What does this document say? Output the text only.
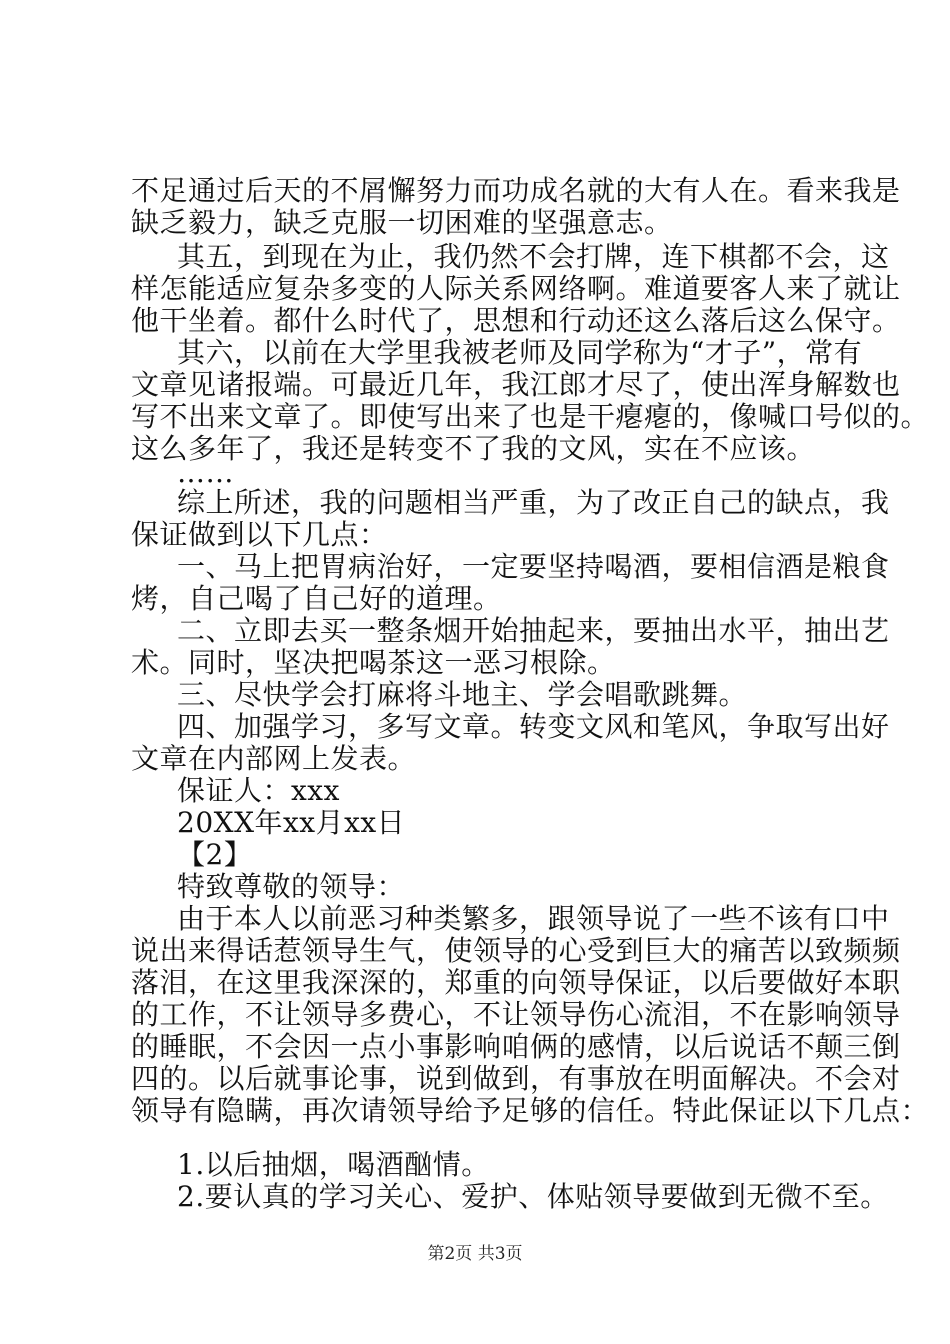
不足通过后天的不屑懈努力而功成名就的大有人在。看来我是
缺乏毅力，缺乏克服一切困难的坚强意志。
其五，到现在为止，我仍然不会打牌，连下棋都不会，这
样怎能适应复杂多变的人际关系网络啊。难道要客人来了就让
他干坐着。都什么时代了，思想和行动还这么落后这么保守。
其六，以前在大学里我被老师及同学称为“才子”，常有
文章见诸报端。可最近几年，我江郎才尽了，使出浑身解数也
写不出来文章了。即使写出来了也是干瘪瘪的，像喊口号似的。
这么多年了，我还是转变不了我的文风，实在不应该。
……
综上所述，我的问题相当严重，为了改正自己的缺点，我
保证做到以下几点：
一、马上把胃病治好，一定要坚持喝酒，要相信酒是粮食
烤，自己喝了自己好的道理。
二、立即去买一整条烟开始抽起来，要抽出水平，抽出艺
术。同时，坚决把喝茶这一恶习根除。
三、尽快学会打麻将斗地主、学会唱歌跳舞。
四、加强学习，多写文章。转变文风和笔风，争取写出好
文章在内部网上发表。
保证人：xxx
20XX年xx月xx日
【2】
特致尊敬的领导：
由于本人以前恶习种类繁多，跟领导说了一些不该有口中
说出来得话惹领导生气，使领导的心受到巨大的痛苦以致频频
落泪，在这里我深深的，郑重的向领导保证，以后要做好本职
的工作，不让领导多费心，不让领导伤心流泪，不在影响领导
的睡眠，不会因一点小事影响咱俩的感情，以后说话不颠三倒
四的。以后就事论事，说到做到，有事放在明面解决。不会对
领导有隐瞒，再次请领导给予足够的信任。特此保证以下几点：
1.以后抽烟，喝酒酗情。
2.要认真的学习关心、爱护、体贴领导要做到无微不至。
第2页 共3页
